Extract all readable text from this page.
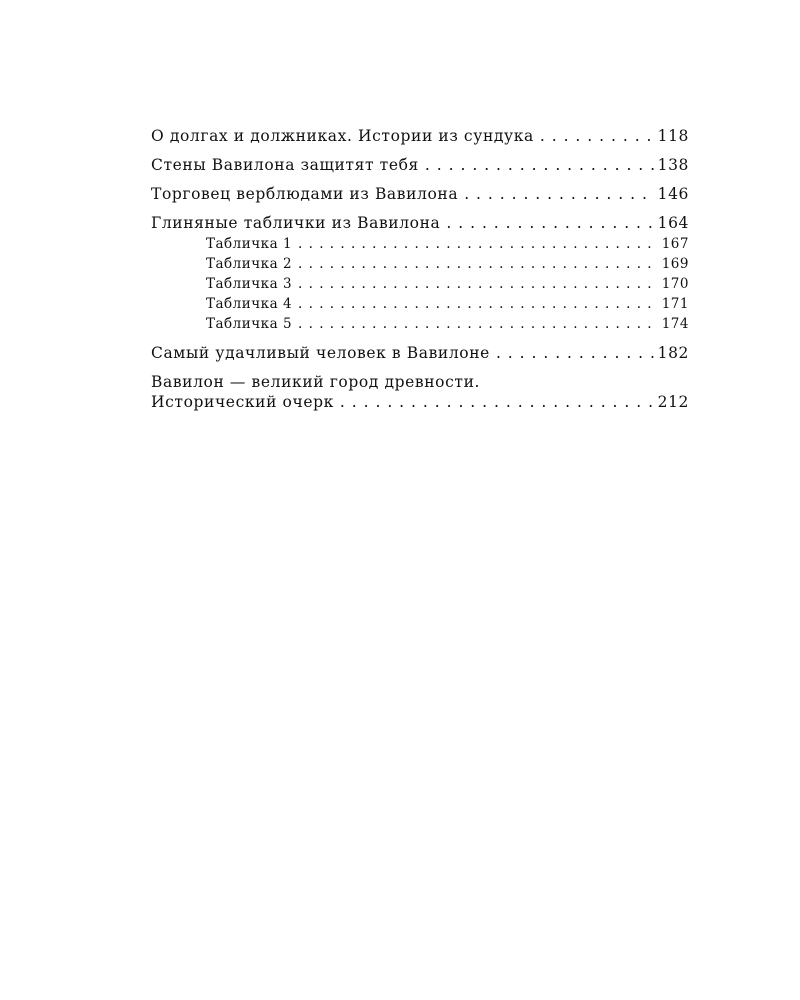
О долгах и должниках. Истории из сундука . . .	118
Стены Вавилона защитят тебя . . .	138
Торговец верблюдами из Вавилона . . .	146
Глиняные таблички из Вавилона . . .	164
Табличка 1 . . .	167
Табличка 2 . . .	169
Табличка 3 . . .	170
Табличка 4 . . .	171
Табличка 5 . . .	174
Самый удачливый человек в Вавилоне . . .	182
Вавилон — великий город древности.
Исторический очерк . . .	212
